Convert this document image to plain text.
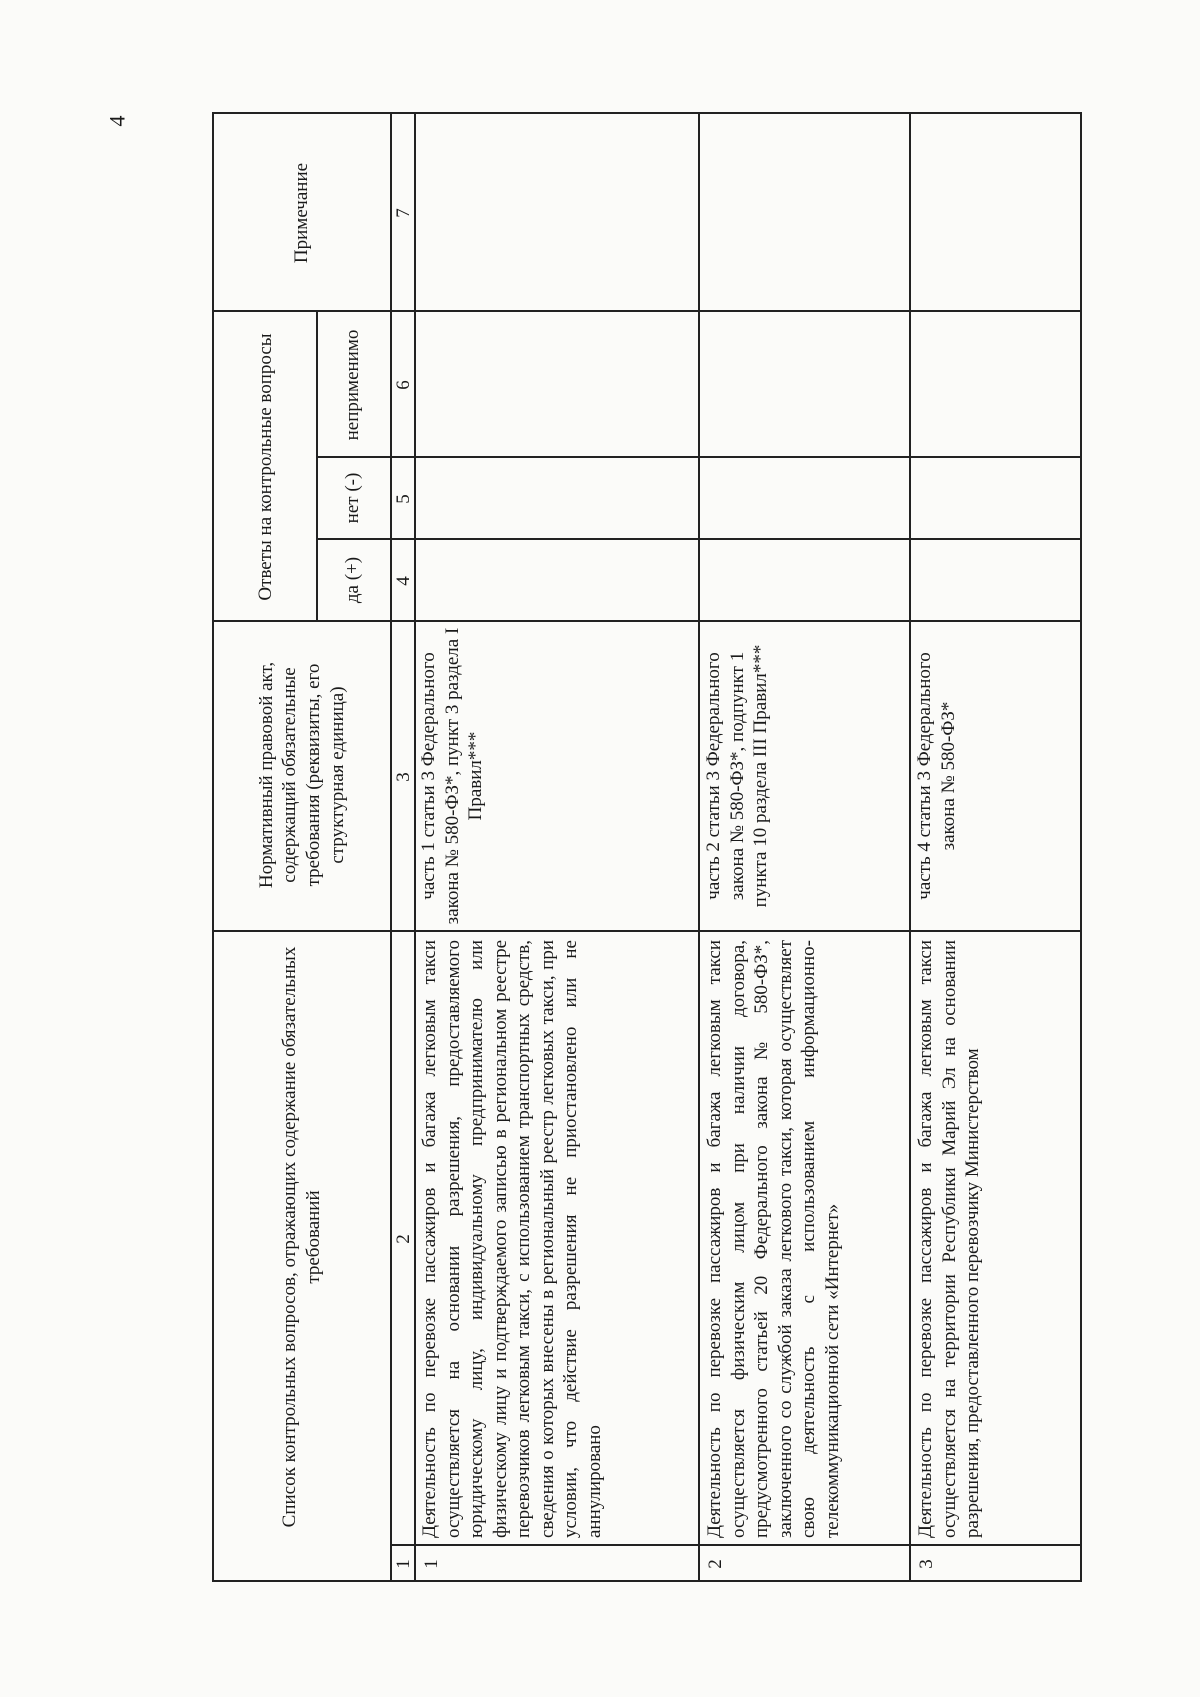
4
Список контрольных вопросов, отражающих содержание обязательных требований
Нормативный правовой акт, содержащий обязательные требования (реквизиты, его структурная единица)
Ответы на контрольные вопросы	да (+)
нет (-)
неприменимо
Примечание
1
2
3
4
5
6
7
1
Деятельность по перевозке пассажиров и багажа легковым такси осуществляется на основании разрешения, предоставляемого юридическому лицу, индивидуальному предпринимателю или физическому лицу и подтверждаемого записью в региональном реестре перевозчиков легковым такси, с использованием транспортных средств, сведения о которых внесены в региональный реестр легковых такси, при условии, что действие разрешения не приостановлено или не аннулировано
часть 1 статьи 3 Федерального закона № 580-ФЗ*, пункт 3 раздела I Правил***
2
Деятельность по перевозке пассажиров и багажа легковым такси осуществляется физическим лицом при наличии договора, предусмотренного статьей 20 Федерального закона № 580-ФЗ*, заключенного со службой заказа легкового такси, которая осуществляет свою деятельность с использованием информационно-телекоммуникационной сети «Интернет»
часть 2 статьи 3 Федерального закона № 580-ФЗ*, подпункт 1 пункта 10 раздела III Правил***
3
Деятельность по перевозке пассажиров и багажа легковым такси осуществляется на территории Республики Марий Эл на основании разрешения, предоставленного перевозчику Министерством
часть 4 статьи 3 Федерального закона № 580-ФЗ*
